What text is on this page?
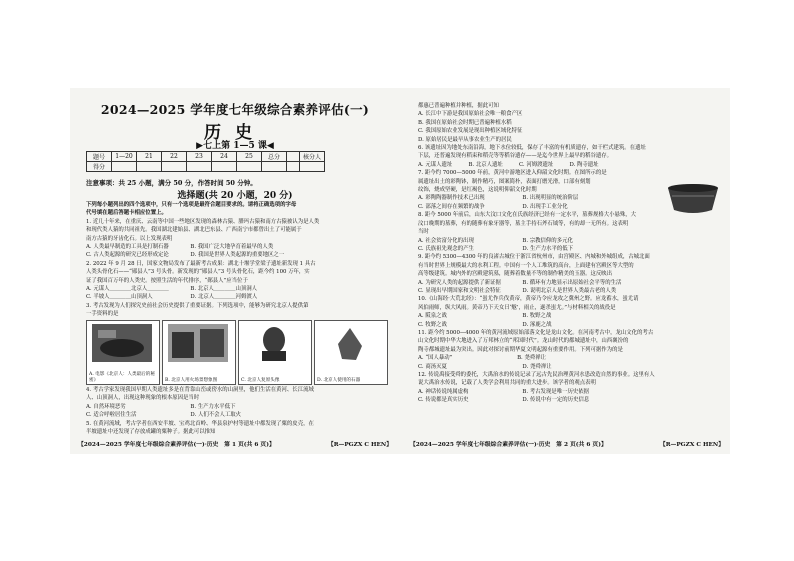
2024—2025 学年度七年级综合素养评估(一)
历史
▶七上第 1—5 课◀
题号	1—20	21	22	23	24	25	总分		核分人
得分									
注意事项：共 25 小题，满分 50 分，作答时间 50 分钟。
选择题(共 20 小题，20 分)
下列每小题列出的四个选项中，只有一个选项是最符合题目要求的。请将正确选项的字母
代号填在题后答题卡相应位置上。
1. 近几十年来，在重庆、云南等中国一些地区发现的森林古猿、腊玛古猿和南方古猿被认为是人类
和现代类人猿的共同祖先。我国湖北建始县、湖北巴东县、广西南宁市都曾出土了可能属于
南方古猿的牙齿化石。以上发现表明
A. 人类最早制造的工具是打制石器　　　　B. 我国广泛大地孕育着最早的人类
C. 古人类起源的研究已经形成定论　　　　D. 我国是世界人类起源的重要地区之一
2. 2022 年 9 月 28 日，国家文物局发布了最新考古成果：湖北十堰学堂梁子遗址新发现 1 具古
人类头骨化石——“郧县人”3 号头骨。新发现的“郧县人”3 号头骨化石，距今约 100 万年，实
证了我国百万年的人类史。按照生活的年代排序，“郧县人”应当位于
A. 元谋人＿＿＿＿北京人＿＿＿＿　　　　B. 北京人＿＿＿＿山顶洞人
C. 半坡人＿＿＿＿山顶洞人　　　　　　　D. 北京人＿＿＿＿河姆渡人
3. 考古发现为人们探究史前社会历史提供了重要证据。下列选项中，能够为研究北京人提供第
一手资料的是
A. 电影《北京人：人类最后的秘密》	B. 北京人用火场景想象图	C. 北京人复原头像	D. 北京人使用的石器
4. 考古学家发现我国早期人类遗址多是在背靠山峦或傍水的山洞里，他们生活在黄河、长江流域
人、山顶洞人，出现这种现象的根本原因是当时
A. 自然环境恶劣　　　　　　　　　　　　B. 生产力水平低下
C. 适合呼啦居住生活　　　　　　　　　　D. 人们不会人工取火
5. 在黄河流域，考古学者在西安半坡、宝鸡北首岭、华县泉护村等遗址中都发现了粟的皮壳，在
半坡遗址中还发现了存放成罐的粟种子。据此可以推知
【2024—2025 学年度七年级综合素养评估(一)·历史　第 1 页(共 6 页)】	【R—PGZX C HEN】
都惠已普遍种植并种植，据此可知
A. 长江中下游是我国原始社会唯一粮食产区
B. 我国在原始社会时期已普遍种植水稻
C. 我国原始农业发展是现出种植区域化特征
D. 原始居民是最早从事农业生产的居民
6. 该遗址因为地处东南沿海，地下水位较低，保存了丰富的有机质遗存，如干栏式建筑。在遗址
下层，还普遍发现有稻束和稻壳等等稻谷遗存——是迄今世界上最早的稻谷遗存。
A. 元谋人遗址　　　B. 北京人遗址　　　C. 河姆渡遗址　　　D. 陶寺遗址
7. 距今约 7000—5000 年前，黄河中游地区进入仰韶文化时期。在图所示的是
属遗址出土的彩陶钵，制作精巧，图案简朴，表面打磨光滑，口部有刻划
纹饰，烧成坚硬，是红褐色，这说明仰韶文化时期
A. 彩陶陶器制作技术已出现　　　　　　　B. 出现明显的统治阶层
C. 部落之间存在频繁的战争　　　　　　　D. 出现手工业分化
8. 距今 5000 年前后，山东大汶口文化在氏族经济已经有一定水平，墓葬规格大小悬殊，大
汶口晚期的墓葬，有的随葬有象牙器等，墓主手持石斧石钺等，有的却一无所有。这表明
当时
A. 社会贫富分化的出现　　　　　　　　　B. 宗教信仰的多元化
C. 氏族祖先观念的产生　　　　　　　　　D. 生产力水平的低下
9. 距今约 5300—4300 年的良渚古城位于浙江省杭州市，由宫殿区、内城和外城组成，古城北面
有当时世界上规模最大的水利工程。中国有一个人工堆筑的高台，上面建有宫殿区等大型的
高等级建筑。城内外的宫殿建筑墓，随葬着数量不等的制作精美的玉器。这反映出
A. 为研究人类的起源提供了新证据　　　　B. 循环有力地显示出原始社会平等的生活
C. 显现出早期国家和文明社会特征　　　　D. 说明北京人是世界人类最古老的人类
10.《山海经·大荒北经》：“蚩尤作兵伐黄帝，黄帝乃令应龙攻之冀州之野。应龙蓄水，蚩尤请
风伯雨师，纵大风雨。黄帝乃下天女曰‘魃’，雨止，遂杀蚩尤。”与材料相关的战役是
A. 阪泉之战　　　　　　　　　　　　　　B. 牧野之战
C. 牧野之战　　　　　　　　　　　　　　D. 涿鹿之战
11. 距今约 5000—4000 年的黄河流域原始部落文化是龙山文化。在河南考古中，龙山文化的考古
山文化时期中华大地进入了万邦林立的“邦国时代”。龙山时代的都城遗址中，山西襄汾的
陶寺都城遗址最为突出。因此对探讨前期华夏文明起源有重要作用。下列可据作为的是
A. “国人暴动”　　　　　　　　　　　　B. 尧舜禅让
C. 商汤灭夏　　　　　　　　　　　　　　D. 尧舜禅让
12. 传说禹接受舜的委托，大禹治水的传说记录了远古先民治理黄河水患改造自然的事业。这里有人
说大禹治水传说，记载了人类学会利用共同的重大进步。该学者的观点表明
A. 神话传说纯属虚构　　　　　　　　　　B. 考古发现是唯一历史依据
C. 传说都是真实历史　　　　　　　　　　D. 传说中有一定的历史信息
【2024—2025 学年度七年级综合素养评估(一)·历史　第 2 页(共 6 页)】	【R—PGZX C HEN】
